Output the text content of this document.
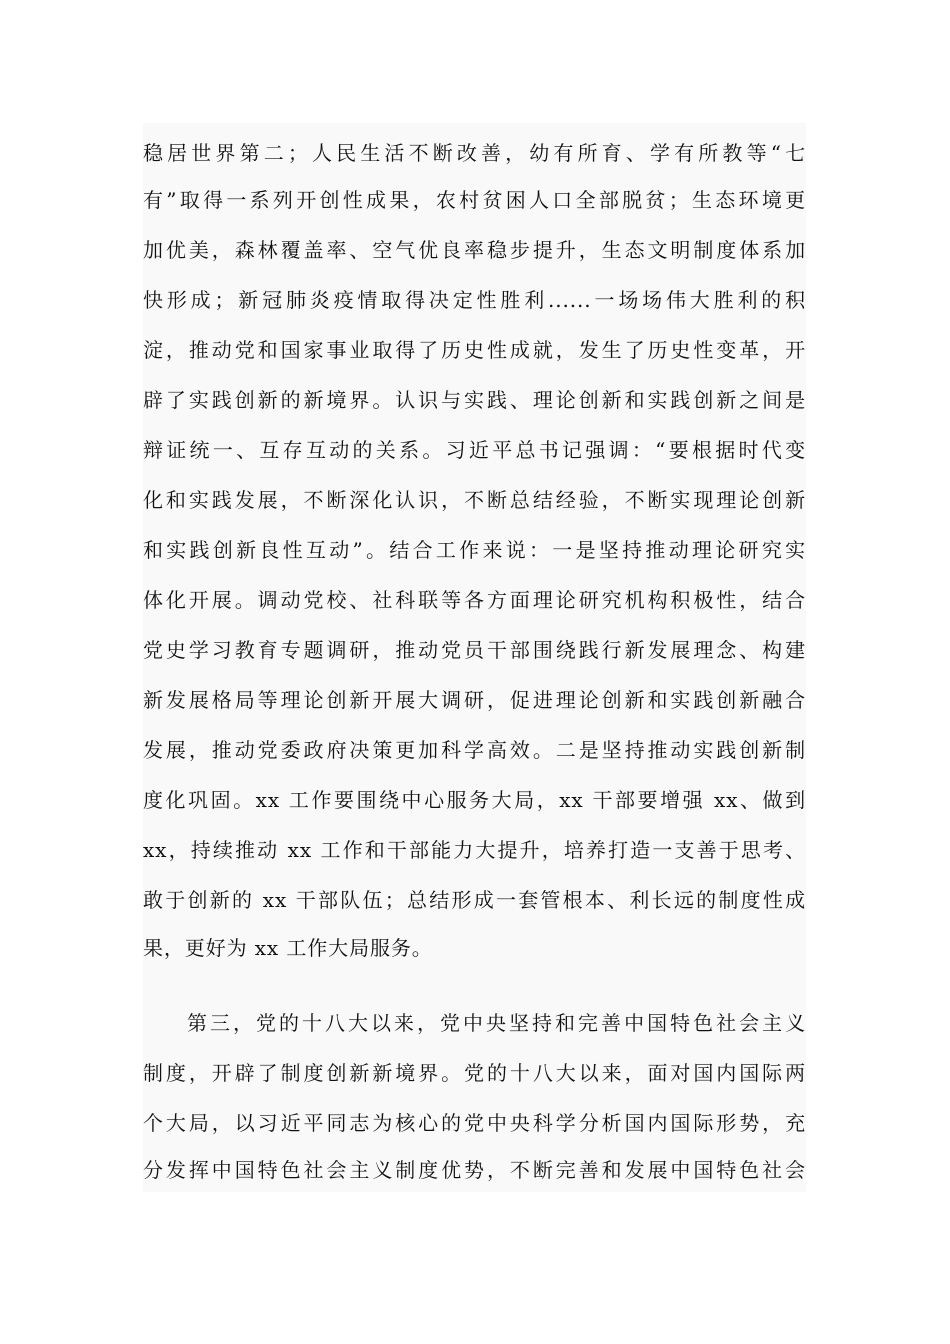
稳居世界第二；人民生活不断改善，幼有所育、学有所教等“七
有”取得一系列开创性成果，农村贫困人口全部脱贫；生态环境更
加优美，森林覆盖率、空气优良率稳步提升，生态文明制度体系加
快形成；新冠肺炎疫情取得决定性胜利......一场场伟大胜利的积
淀，推动党和国家事业取得了历史性成就，发生了历史性变革，开
辟了实践创新的新境界。认识与实践、理论创新和实践创新之间是
辩证统一、互存互动的关系。习近平总书记强调：“要根据时代变
化和实践发展，不断深化认识，不断总结经验，不断实现理论创新
和实践创新良性互动”。结合工作来说：一是坚持推动理论研究实
体化开展。调动党校、社科联等各方面理论研究机构积极性，结合
党史学习教育专题调研，推动党员干部围绕践行新发展理念、构建
新发展格局等理论创新开展大调研，促进理论创新和实践创新融合
发展，推动党委政府决策更加科学高效。二是坚持推动实践创新制
度化巩固。xx 工作要围绕中心服务大局，xx 干部要增强 xx、做到
xx，持续推动 xx 工作和干部能力大提升，培养打造一支善于思考、
敢于创新的 xx 干部队伍；总结形成一套管根本、利长远的制度性成
果，更好为 xx 工作大局服务。
第三，党的十八大以来，党中央坚持和完善中国特色社会主义
制度，开辟了制度创新新境界。党的十八大以来，面对国内国际两
个大局，以习近平同志为核心的党中央科学分析国内国际形势，充
分发挥中国特色社会主义制度优势，不断完善和发展中国特色社会
